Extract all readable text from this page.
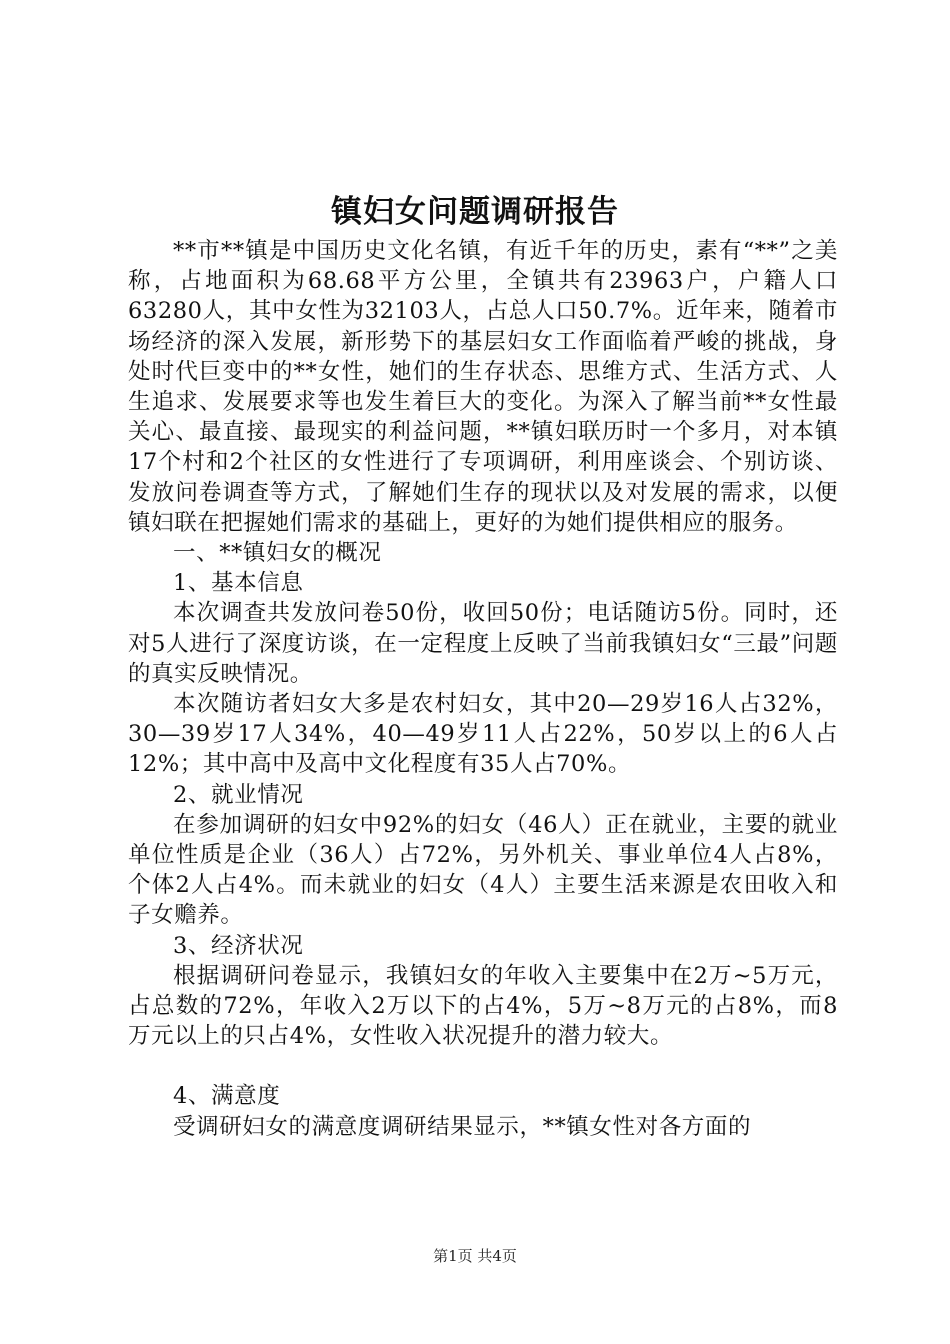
镇妇女问题调研报告

**市**镇是中国历史文化名镇，有近千年的历史，素有“**”之美称，占地面积为68.68平方公里，全镇共有23963户，户籍人口63280人，其中女性为32103人，占总人口50.7%。近年来，随着市场经济的深入发展，新形势下的基层妇女工作面临着严峻的挑战，身处时代巨变中的**女性，她们的生存状态、思维方式、生活方式、人生追求、发展要求等也发生着巨大的变化。为深入了解当前**女性最关心、最直接、最现实的利益问题，**镇妇联历时一个多月，对本镇17个村和2个社区的女性进行了专项调研，利用座谈会、个别访谈、发放问卷调查等方式，了解她们生存的现状以及对发展的需求，以便镇妇联在把握她们需求的基础上，更好的为她们提供相应的服务。

一、**镇妇女的概况

1、基本信息

本次调查共发放问卷50份，收回50份；电话随访5份。同时，还对5人进行了深度访谈，在一定程度上反映了当前我镇妇女“三最”问题的真实反映情况。

本次随访者妇女大多是农村妇女，其中20—29岁16人占32%，30—39岁17人34%，40—49岁11人占22%，50岁以上的6人占12%；其中高中及高中文化程度有35人占70%。

2、就业情况

在参加调研的妇女中92%的妇女（46人）正在就业，主要的就业单位性质是企业（36人）占72%，另外机关、事业单位4人占8%，个体2人占4%。而未就业的妇女（4人）主要生活来源是农田收入和子女赡养。

3、经济状况

根据调研问卷显示，我镇妇女的年收入主要集中在2万~5万元，占总数的72%，年收入2万以下的占4%，5万~8万元的占8%，而8万元以上的只占4%，女性收入状况提升的潜力较大。

4、满意度

受调研妇女的满意度调研结果显示，**镇女性对各方面的

第1页 共4页
